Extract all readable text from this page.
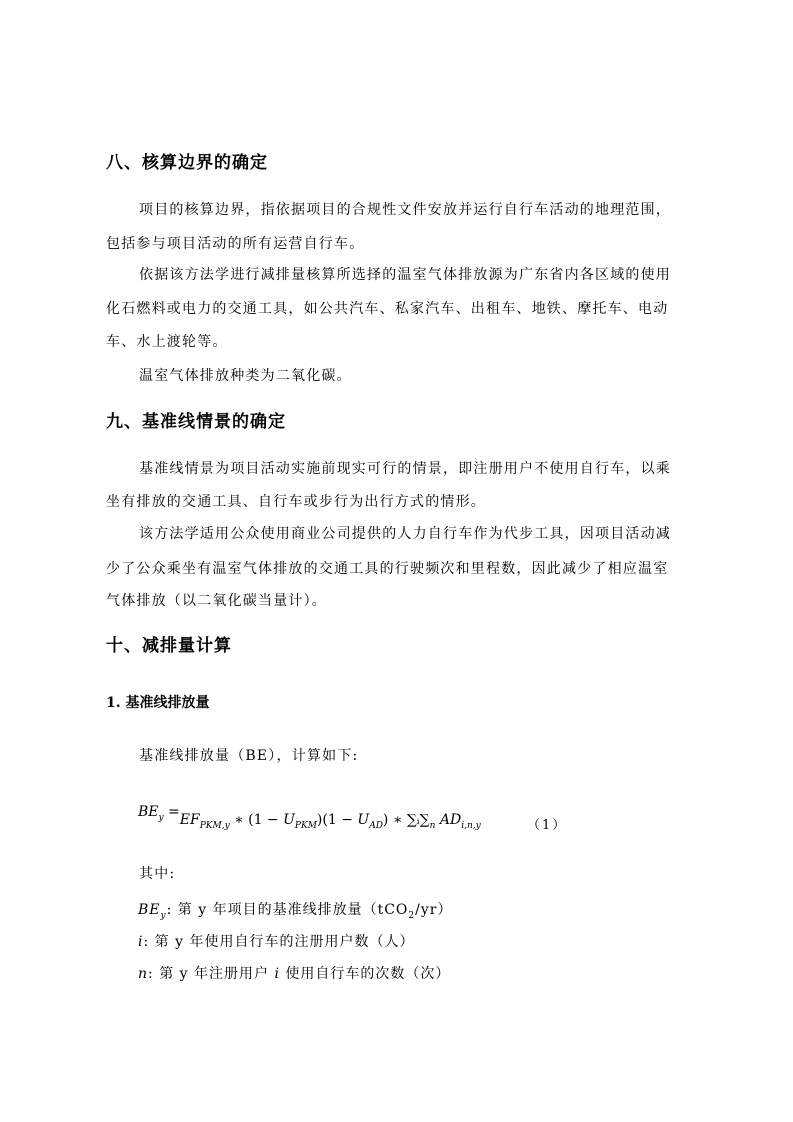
八、核算边界的确定
项目的核算边界，指依据项目的合规性文件安放并运行自行车活动的地理范围，
包括参与项目活动的所有运营自行车。
依据该方法学进行减排量核算所选择的温室气体排放源为广东省内各区域的使用
化石燃料或电力的交通工具，如公共汽车、私家汽车、出租车、地铁、摩托车、电动
车、水上渡轮等。
温室气体排放种类为二氧化碳。
九、基准线情景的确定
基准线情景为项目活动实施前现实可行的情景，即注册用户不使用自行车，以乘
坐有排放的交通工具、自行车或步行为出行方式的情形。
该方法学适用公众使用商业公司提供的人力自行车作为代步工具，因项目活动减
少了公众乘坐有温室气体排放的交通工具的行驶频次和里程数，因此减少了相应温室
气体排放（以二氧化碳当量计）。
十、减排量计算
1. 基准线排放量
基准线排放量（BE），计算如下:
$BE_y =EF_{PKM,y}$ ∗ $(1 - U_{PKM})(1 - U_{AD})$ ∗ $\sum ᵢ\sum_n$ $AD_{i,n,y}$	（1）
其中:
$BE_y$: 第 y 年项目的基准线排放量（tCO$_2$/yr）
i: 第 y 年使用自行车的注册用户数（人）
n: 第 y 年注册用户 i 使用自行车的次数（次）
